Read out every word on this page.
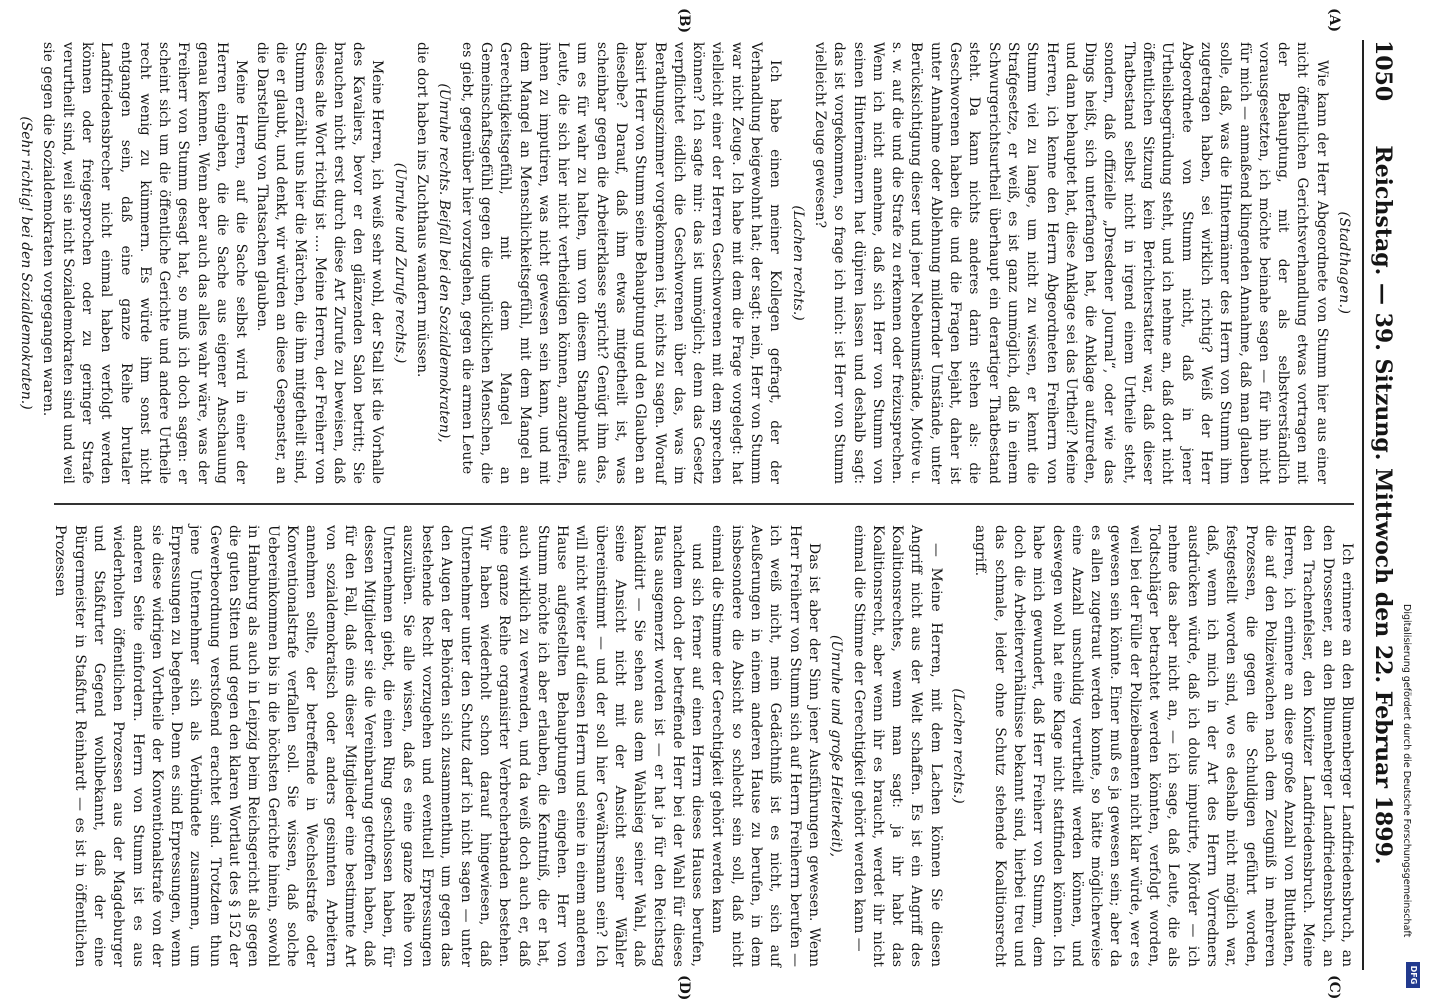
1050
Reichstag. — 39. Sitzung. Mittwoch den 22. Februar 1899.
(A)
(B)
(C)
(D)

(Stadthagen.)

Wie kann der Herr Abgeordnete von Stumm hier aus einer nicht öffentlichen Gerichtsverhandlung etwas vortragen mit der Behauptung, mit der als selbstverständlich vorausgesetzten, ich möchte beinahe sagen — für ihn nicht für mich — anmaßend klingenden Annahme, daß man glauben solle, daß, was die Hintermänner des Herrn von Stumm ihm zugetragen haben, sei wirklich richtig? Weiß der Herr Abgeordnete von Stumm nicht, daß in jener Urtheilsbegründung steht, und ich nehme an, daß dort nicht öffentlichen Sitzung kein Berichterstatter war, daß dieser Thatbestand selbst nicht in irgend einem Urtheile steht, sondern, daß offizielle „Dresdener Journal“, oder wie das Dings heißt, sich unterfangen hat, die Anklage aufzureden, und dann behauptet hat, diese Anklage sei das Urtheil? Meine Herren, ich kenne den Herrn Abgeordneten Freiherrn von Stumm viel zu lange, um nicht zu wissen, er kennt die Strafgesetze, er weiß, es ist ganz unmöglich, daß in einem Schwurgerichtsurtheil überhaupt ein derartiger Thatbestand steht. Da kann nichts anderes darin stehen als: die Geschworenen haben die und die Fragen bejaht, daher ist unter Annahme oder Ablehnung mildernder Umstände, unter Berücksichtigung dieser und jener Nebenumstände, Motive u. s. w. auf die und die Strafe zu erkennen oder freizusprechen. Wenn ich nicht annehme, daß sich Herr von Stumm von seinen Hintermännern hat düpiren lassen und deshalb sagt: das ist vorgekommen, so frage ich mich: ist Herr von Stumm vielleicht Zeuge gewesen?

(Lachen rechts.)

Ich habe einen meiner Kollegen gefragt, der der Verhandlung beigewohnt hat; der sagt: nein, Herr von Stumm war nicht Zeuge. Ich habe mit dem die Frage vorgelegt: hat vielleicht einer der Herren Geschworenen mit dem sprechen können? Ich sagte mir: das ist unmöglich; denn das Gesetz verpflichtet eidlich die Geschworenen über das, was im Berathungszimmer vorgekommen ist, nichts zu sagen. Worauf basirt Herr von Stumm seine Behauptung und den Glauben an dieselbe? Darauf, daß ihm etwas mitgetheilt ist, was scheinbar gegen die Arbeiterklasse spricht? Genügt ihm das, um es für wahr zu halten, um von diesem Standpunkt aus Leute, die sich hier nicht vertheidigen können, anzugreifen, ihnen zu imputiren, was nicht gewesen sein kann, und mit dem Mangel an Menschlichkeitsgefühl, mit dem Mangel an Gerechtigkeitsgefühl, mit dem Mangel an Gemeinschaftsgefühl gegen die unglücklichen Menschen, die es giebt, gegenüber hier vorzugehen, gegen die armen Leute

(Unruhe rechts. Beifall bei den Sozialdemokraten),

die dort haben ins Zuchthaus wandern müssen.

(Unruhe und Zurufe rechts.)

Meine Herren, ich weiß sehr wohl, der Stall ist die Vorhalle des Kavaliers, bevor er den glänzenden Salon betritt; Sie brauchen nicht erst durch diese Art Zurufe zu beweisen, daß dieses alte Wort richtig ist .... Meine Herren, der Freiherr von Stumm erzählt uns hier die Märchen, die ihm mitgetheilt sind, die er glaubt, und denkt, wir würden an diese Gespenster, an die Darstellung von Thatsachen glauben.

Meine Herren, auf die Sache selbst wird in einer der Herren eingehen, die die Sache aus eigener Anschauung genau kennen. Wenn aber auch das alles wahr wäre, was der Freiherr von Stumm gesagt hat, so muß ich doch sagen: er scheint sich um die öffentliche Gerichte und andere Urtheile recht wenig zu kümmern. Es würde ihm sonst nicht entgangen sein, daß eine ganze Reihe brutaler Landfriedensbrecher nicht einmal haben verfolgt werden können oder freigesprochen oder zu geringer Strafe verurtheilt sind, weil sie nicht Sozialdemokraten sind und weil sie gegen die Sozialdemokraten vorgegangen waren.

(Sehr richtig! bei den Sozialdemokraten.)

Ich erinnere an den Blumenberger Landfriedensbruch, an den Drossener, an den Blumenberger Landfriedensbruch, an den Trachenfelser, den Konitzer Landfriedensbruch. Meine Herren, ich erinnere an diese große Anzahl von Blutthaten, die auf den Polizeiwachen nach dem Zeugniß in mehreren Prozessen, die gegen die Schuldigen geführt worden, festgestellt worden sind, wo es deshalb nicht möglich war, daß, wenn ich mich in der Art des Herrn Vorredners ausdrücken würde, daß ich dolus imputirte, Mörder — ich nehme das aber nicht an, — ich sage, daß Leute, die als Todtschläger betrachtet werden könnten, verfolgt worden, weil bei der Fülle der Polizeibeamten nicht klar würde, wer es gewesen sein könnte. Einer muß es ja gewesen sein; aber da es allen zugetraut werden konnte, so hätte möglicherweise eine Anzahl unschuldig verurtheilt werden können, und deswegen wohl hat eine Klage nicht stattfinden können. Ich habe mich gewundert, daß Herr Freiherr von Stumm, dem doch die Arbeiterverhältnisse bekannt sind, hierbei treu und das schmale, leider ohne Schutz stehende Koalitionsrecht angriff.

(Lachen rechts.)

— Meine Herren, mit dem Lachen können Sie diesen Angriff nicht aus der Welt schaffen. Es ist ein Angriff des Koalitionsrechtes, wenn man sagt: ja ihr habt das Koalitionsrecht, aber wenn ihr es braucht, werdet ihr nicht einmal die Stimme der Gerechtigkeit gehört werden kann —

(Unruhe und große Heiterkeit),

Das ist aber der Sinn jener Ausführungen gewesen. Wenn Herr Freiherr von Stumm sich auf Herrn Freiherrn berufen — ich weiß nicht, mein Gedächtniß ist es nicht, sich auf Aeußerungen in einem anderen Hause zu berufen, in dem insbesondere die Absicht so schlecht sein soll, daß nicht einmal die Stimme der Gerechtigkeit gehört werden kann

und sich ferner auf einen Herrn dieses Hauses berufen, nachdem doch der betreffende Herr bei der Wahl für dieses Haus ausgemerzt worden ist — er hat ja für den Reichstag kandidirt — Sie sehen aus dem Wahlsieg seiner Wahl, daß seine Ansicht nicht mit der Ansicht seiner Wähler übereinstimmt — und der soll hier Gewährsmann sein? Ich will nicht weiter auf diesen Herrn und seine in einem anderen Hause aufgestellten Behauptungen eingehen. Herr von Stumm möchte ich aber erlauben, die Kenntniß, die er hat, auch wirklich zu verwenden, und da weiß doch auch er, daß eine ganze Reihe organisirter Verbrecherbanden bestehen. Wir haben wiederholt schon darauf hingewiesen, daß Unternehmer unter den Schutz darf ich nicht sagen — unter den Augen der Behörden sich zusammenthun, um gegen das bestehende Recht vorzugehen und eventuell Erpressungen auszuüben. Sie alle wissen, daß es eine ganze Reihe von Unternehmen giebt, die einen Ring geschlossen haben, für dessen Mitglieder sie die Vereinbarung getroffen haben, daß für den Fall, daß eins dieser Mitglieder eine bestimmte Art von sozialdemokratisch oder anders gesinnten Arbeitern annehmen sollte, der betreffende in Wechselstrafe oder Konventionalstrafe verfallen soll. Sie wissen, daß solche Uebereinkommen bis in die höchsten Gerichte hinein, sowohl in Hamburg als auch in Leipzig beim Reichsgericht als gegen die guten Sitten und gegen den klaren Wortlaut des § 152 der Gewerbeordnung verstoßend erachtet sind. Trotzdem thun jene Unternehmer sich als Verbündete zusammen, um Erpressungen zu begehen. Denn es sind Erpressungen, wenn sie diese widrigen Vortheile der Konventionalstrafe von der anderen Seite einfordern. Herrn von Stumm ist es aus wiederholten öffentlichen Prozessen aus der Magdeburger und Staßfurter Gegend wohlbekannt, daß der eine Bürgermeister in Staßfurt Reinhardt — es ist in öffentlichen Prozessen

Digitalisierung gefördert durch die Deutsche Forschungsgemeinschaft
DFG
